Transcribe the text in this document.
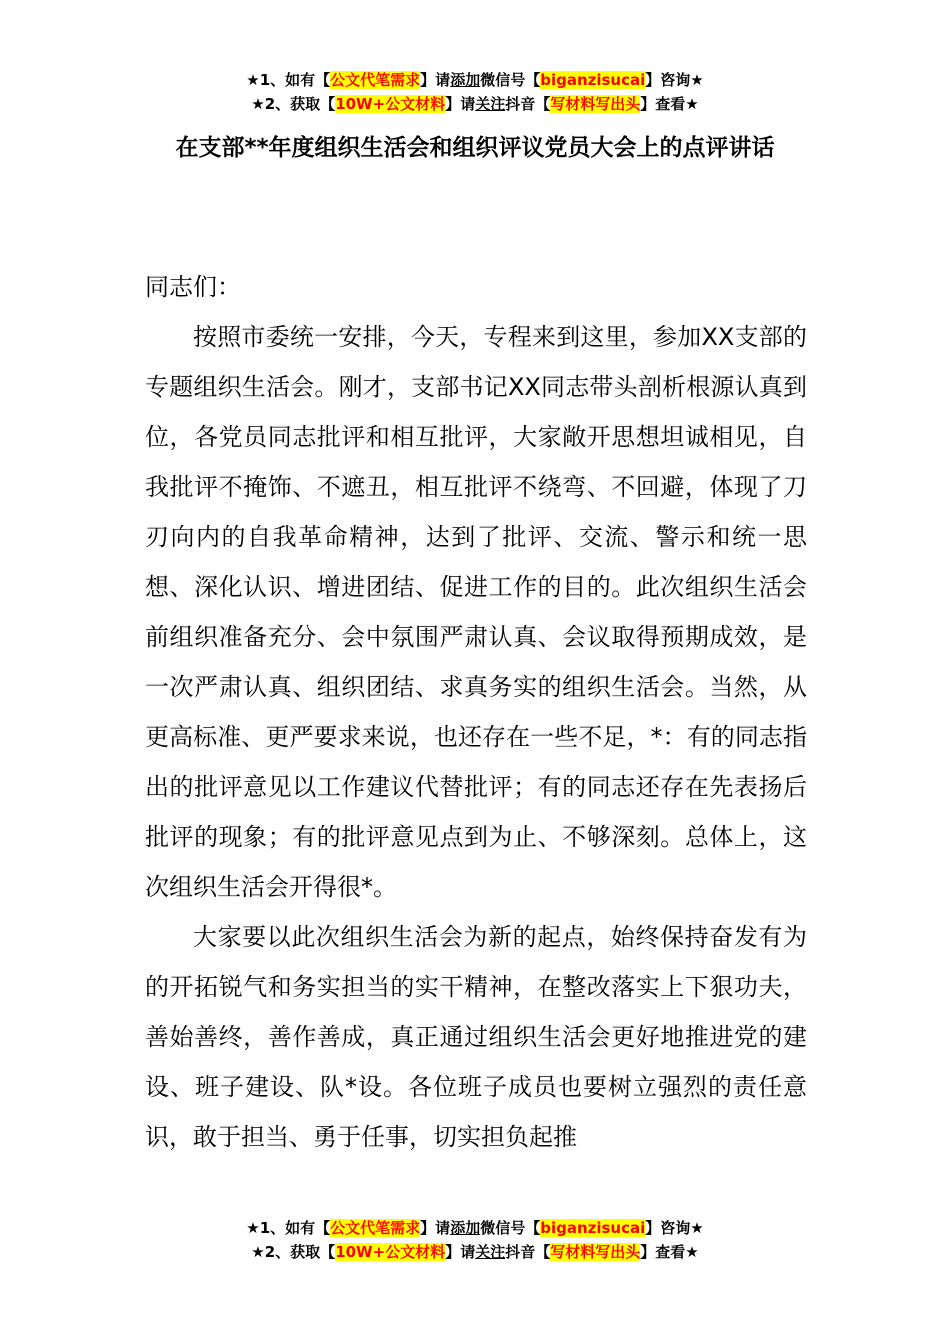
★1、如有【公文代笔需求】请添加微信号【biganzisucai】咨询★
★2、获取【10W+公文材料】请关注抖音【写材料写出头】查看★
在支部**年度组织生活会和组织评议党员大会上的点评讲话

同志们：

按照市委统一安排，今天，专程来到这里，参加XX支部的专题组织生活会。刚才，支部书记XX同志带头剖析根源认真到位，各党员同志批评和相互批评，大家敞开思想坦诚相见，自我批评不掩饰、不遮丑，相互批评不绕弯、不回避，体现了刀刃向内的自我革命精神，达到了批评、交流、警示和统一思想、深化认识、增进团结、促进工作的目的。此次组织生活会前组织准备充分、会中氛围严肃认真、会议取得预期成效，是一次严肃认真、组织团结、求真务实的组织生活会。当然，从更高标准、更严要求来说，也还存在一些不足，*：有的同志指出的批评意见以工作建议代替批评；有的同志还存在先表扬后批评的现象；有的批评意见点到为止、不够深刻。总体上，这次组织生活会开得很*。

大家要以此次组织生活会为新的起点，始终保持奋发有为的开拓锐气和务实担当的实干精神，在整改落实上下狠功夫，善始善终，善作善成，真正通过组织生活会更好地推进党的建设、班子建设、队*设。各位班子成员也要树立强烈的责任意识，敢于担当、勇于任事，切实担负起推

★1、如有【公文代笔需求】请添加微信号【biganzisucai】咨询★
★2、获取【10W+公文材料】请关注抖音【写材料写出头】查看★
